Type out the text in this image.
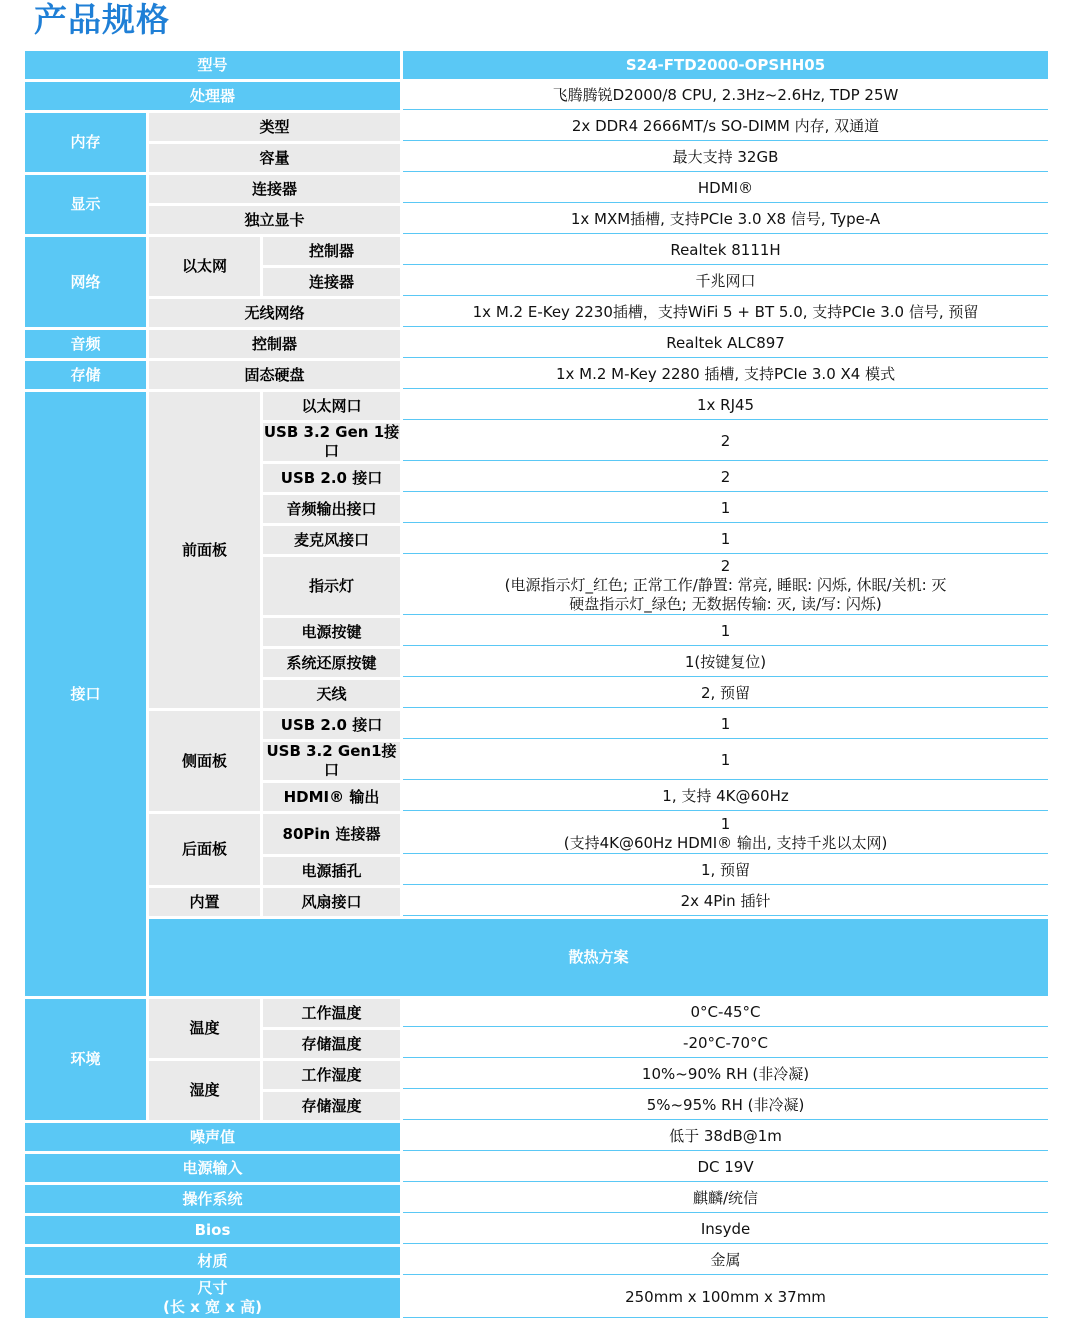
产品规格
型号			S24-FTD2000-OPSHH05	
处理器			飞腾腾锐D2000/8 CPU, 2.3Hz~2.6Hz, TDP 25W	
内存	类型		2x DDR4 2666MT/s SO-DIMM 内存, 双通道	
	容量		最大支持 32GB	
显示	连接器		HDMI®	
	独立显卡		1x MXM插槽, 支持PCIe 3.0 X8 信号, Type-A	
网络	以太网	控制器	Realtek 8111H	
		连接器	千兆网口	
	无线网络		1x M.2 E-Key 2230插槽，支持WiFi 5 + BT 5.0, 支持PCIe 3.0 信号, 预留	
音频	控制器		Realtek ALC897	
存储	固态硬盘		1x M.2 M-Key 2280 插槽, 支持PCIe 3.0 X4 模式	
接口	前面板	以太网口	1x RJ45	
		USB 3.2 Gen 1接口	2	
		USB 2.0 接口	2	
		音频输出接口	1	
		麦克风接口	1	
		指示灯	2
(电源指示灯_红色; 正常工作/静置: 常亮, 睡眠: 闪烁, 休眠/关机: 灭
硬盘指示灯_绿色; 无数据传输: 灭, 读/写: 闪烁)	

		电源按键	1	
		系统还原按键	1(按键复位)	
		天线	2, 预留	
	侧面板	USB 2.0 接口	1	
		USB 3.2 Gen1接口	1	
		HDMI® 输出	1, 支持 4K@60Hz	
	后面板	80Pin 连接器	1
(支持4K@60Hz HDMI® 输出, 支持千兆以太网)	

		电源插孔	1, 预留	
	内置	风扇接口	2x 4Pin 插针	
	散热方案	
环境	温度	工作温度	0°C-45°C	
		存储温度	-20°C-70°C	
	湿度	工作湿度	10%~90% RH (非冷凝)	
		存储湿度	5%~95% RH (非冷凝)	
噪声值			低于 38dB@1m	
电源输入			DC 19V	
操作系统			麒麟/统信	
Bios			Insyde	
材质			金属	

尺寸
(长 x 宽 x 高)			250mm x 100mm x 37mm	
